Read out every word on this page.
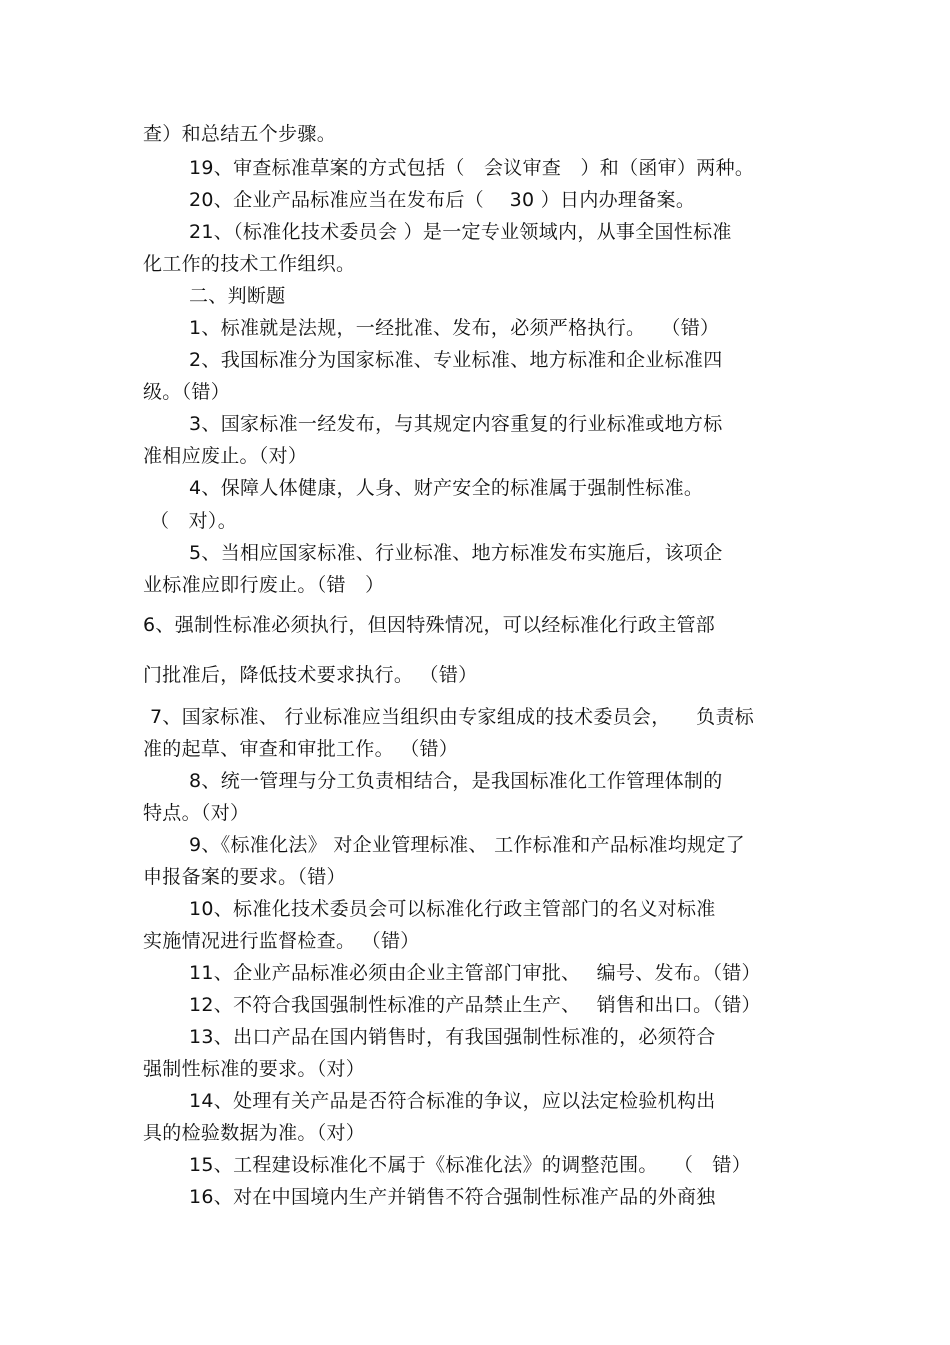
查）和总结五个步骤。
19、审查标准草案的方式包括（　会议审查　）和（函审）两种。
20、企业产品标准应当在发布后（　 30 ）日内办理备案。
21、（标准化技术委员会 ）是一定专业领域内，从事全国性标准
化工作的技术工作组织。
二、判断题
1、标准就是法规，一经批准、发布，必须严格执行。　 （错）
2、我国标准分为国家标准、专业标准、地方标准和企业标准四
级。（错）
3、国家标准一经发布，与其规定内容重复的行业标准或地方标
准相应废止。（对）
4、保障人体健康，人身、财产安全的标准属于强制性标准。
（　对）。
5、当相应国家标准、行业标准、地方标准发布实施后，该项企
业标准应即行废止。（错　）
6、强制性标准必须执行，但因特殊情况，可以经标准化行政主管部
门批准后，降低技术要求执行。 （错）
7、国家标准、 行业标准应当组织由专家组成的技术委员会， 　负责标
准的起草、审查和审批工作。 （错）
8、统一管理与分工负责相结合，是我国标准化工作管理体制的
特点。（对）
9、《标准化法》 对企业管理标准、 工作标准和产品标准均规定了
申报备案的要求。（错）
10、标准化技术委员会可以标准化行政主管部门的名义对标准
实施情况进行监督检查。 （错）
11、企业产品标准必须由企业主管部门审批、　 编号、发布。（错）
12、不符合我国强制性标准的产品禁止生产、　 销售和出口。（错）
13、出口产品在国内销售时，有我国强制性标准的，必须符合
强制性标准的要求。（对）
14、处理有关产品是否符合标准的争议，应以法定检验机构出
具的检验数据为准。（对）
15、工程建设标准化不属于《标准化法》的调整范围。　 （　错）
16、对在中国境内生产并销售不符合强制性标准产品的外商独
